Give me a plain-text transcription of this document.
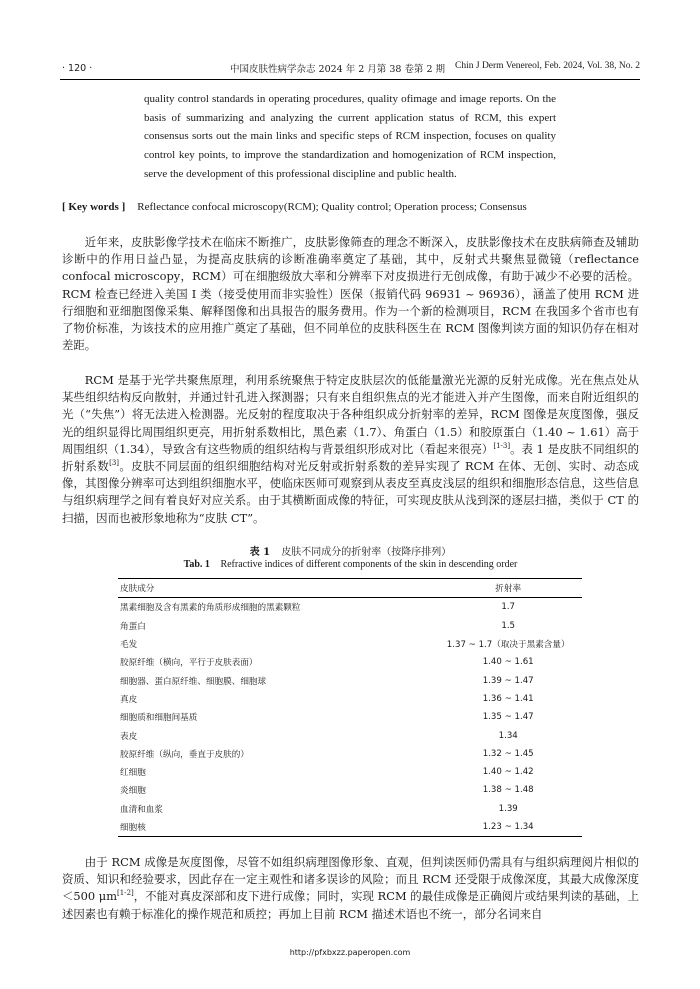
· 120 ·	中国皮肤性病学杂志 2024 年 2 月第 38 卷第 2 期 Chin J Derm Venereol, Feb. 2024, Vol. 38, No. 2
quality control standards in operating procedures, quality ofimage and image reports. On the basis of summarizing and analyzing the current application status of RCM, this expert consensus sorts out the main links and specific steps of RCM inspection, focuses on quality control key points, to improve the standardization and homogenization of RCM inspection, serve the development of this professional discipline and public health.
[ Key words ] Reflectance confocal microscopy(RCM); Quality control; Operation process; Consensus

近年来，皮肤影像学技术在临床不断推广，皮肤影像筛查的理念不断深入，皮肤影像技术在皮肤病筛查及辅助诊断中的作用日益凸显，为提高皮肤病的诊断准确率奠定了基础，其中，反射式共聚焦显微镜（reflectance confocal microscopy，RCM）可在细胞级放大率和分辨率下对皮损进行无创成像，有助于减少不必要的活检。RCM 检查已经进入美国 I 类（接受使用而非实验性）医保（报销代码 96931 ~ 96936），涵盖了使用 RCM 进行细胞和亚细胞图像采集、解释图像和出具报告的服务费用。作为一个新的检测项目，RCM 在我国多个省市也有了物价标准，为该技术的应用推广奠定了基础，但不同单位的皮肤科医生在 RCM 图像判读方面的知识仍存在相对差距。

RCM 是基于光学共聚焦原理，利用系统聚焦于特定皮肤层次的低能量激光光源的反射光成像。光在焦点处从某些组织结构反向散射，并通过针孔进入探测器；只有来自组织焦点的光才能进入并产生图像，而来自附近组织的光（“失焦”）将无法进入检测器。光反射的程度取决于各种组织成分折射率的差异，RCM 图像是灰度图像，强反光的组织显得比周围组织更亮，用折射系数相比，黑色素（1.7）、角蛋白（1.5）和胶原蛋白（1.40 ~ 1.61）高于周围组织（1.34），导致含有这些物质的组织结构与背景组织形成对比（看起来很亮）[1-3]。表 1 是皮肤不同组织的折射系数[3]。皮肤不同层面的组织细胞结构对光反射或折射系数的差异实现了 RCM 在体、无创、实时、动态成像，其图像分辨率可达到组织细胞水平，使临床医师可观察到从表皮至真皮浅层的组织和细胞形态信息，这些信息与组织病理学之间有着良好对应关系。由于其横断面成像的特征，可实现皮肤从浅到深的逐层扫描，类似于 CT 的扫描，因而也被形象地称为“皮肤 CT”。

表 1 皮肤不同成分的折射率（按降序排列）
Tab. 1 Refractive indices of different components of the skin in descending order
皮肤成分	折射率
黑素细胞及含有黑素的角质形成细胞的黑素颗粒	1.7
角蛋白	1.5
毛发	1.37 ~ 1.7（取决于黑素含量）
胶原纤维（横向，平行于皮肤表面）	1.40 ~ 1.61
细胞器、蛋白原纤维、细胞膜、细胞球	1.39 ~ 1.47
真皮	1.36 ~ 1.41
细胞质和细胞间基质	1.35 ~ 1.47
表皮	1.34
胶原纤维（纵向，垂直于皮肤的）	1.32 ~ 1.45
红细胞	1.40 ~ 1.42
炎细胞	1.38 ~ 1.48
血清和血浆	1.39
细胞核	1.23 ~ 1.34

由于 RCM 成像是灰度图像，尽管不如组织病理图像形象、直观，但判读医师仍需具有与组织病理阅片相似的资质、知识和经验要求，因此存在一定主观性和诸多误诊的风险；而且 RCM 还受限于成像深度，其最大成像深度 ＜500 μm[1-2]，不能对真皮深部和皮下进行成像；同时，实现 RCM 的最佳成像是正确阅片或结果判读的基础，上述因素也有赖于标准化的操作规范和质控；再加上目前 RCM 描述术语也不统一，部分名词来自

http://pfxbxzz.paperopen.com
